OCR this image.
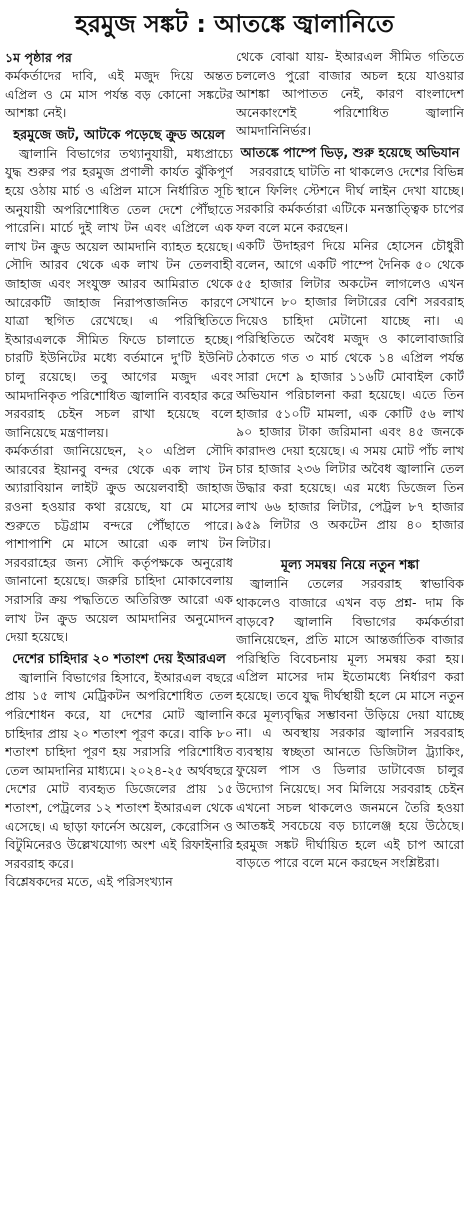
হরমুজ সঙ্কট : আতঙ্কে জ্বালানিতে
১ম পৃষ্ঠার পর

কর্মকর্তাদের দাবি, এই মজুদ দিয়ে অন্তত এপ্রিল ও মে মাস পর্যন্ত বড় কোনো সঙ্কটের আশঙ্কা নেই।

হরমুজে জট, আটকে পড়েছে ক্রুড অয়েল

জ্বালানি বিভাগের তথ্যানুযায়ী, মধ্যপ্রাচ্যে যুদ্ধ শুরুর পর হরমুজ প্রণালী কার্যত ঝুঁকিপূর্ণ হয়ে ওঠায় মার্চ ও এপ্রিল মাসে নির্ধারিত সূচি অনুযায়ী অপরিশোধিত তেল দেশে পৌঁছাতে পারেনি। মার্চে দুই লাখ টন এবং এপ্রিলে এক লাখ টন ক্রুড অয়েল আমদানি ব্যাহত হয়েছে। সৌদি আরব থেকে এক লাখ টন তেলবাহী জাহাজ এবং সংযুক্ত আরব আমিরাত থেকে আরেকটি জাহাজ নিরাপত্তাজনিত কারণে যাত্রা স্থগিত রেখেছে। এ পরিস্থিতিতে ইআরএলকে সীমিত ফিডে চালাতে হচ্ছে। চারটি ইউনিটের মধ্যে বর্তমানে দু'টি ইউনিট চালু রয়েছে। তবু আগের মজুদ এবং আমদানিকৃত পরিশোধিত জ্বালানি ব্যবহার করে সরবরাহ চেইন সচল রাখা হয়েছে বলে জানিয়েছে মন্ত্রণালয়।

কর্মকর্তারা জানিয়েছেন, ২০ এপ্রিল সৌদি আরবের ইয়ানবু বন্দর থেকে এক লাখ টন অ্যারাবিয়ান লাইট ক্রুড অয়েলবাহী জাহাজ রওনা হওয়ার কথা রয়েছে, যা মে মাসের শুরুতে চট্টগ্রাম বন্দরে পৌঁছাতে পারে। পাশাপাশি মে মাসে আরো এক লাখ টন সরবরাহের জন্য সৌদি কর্তৃপক্ষকে অনুরোধ জানানো হয়েছে। জরুরি চাহিদা মোকাবেলায় সরাসরি ক্রয় পদ্ধতিতে অতিরিক্ত আরো এক লাখ টন ক্রুড অয়েল আমদানির অনুমোদন দেয়া হয়েছে।

দেশের চাহিদার ২০ শতাংশ দেয় ইআরএল

জ্বালানি বিভাগের হিসাবে, ইআরএল বছরে প্রায় ১৫ লাখ মেট্রিকটন অপরিশোধিত তেল পরিশোধন করে, যা দেশের মোট জ্বালানি চাহিদার প্রায় ২০ শতাংশ পূরণ করে। বাকি ৮০ শতাংশ চাহিদা পূরণ হয় সরাসরি পরিশোধিত তেল আমদানির মাধ্যমে। ২০২৪-২৫ অর্থবছরে দেশের মোট ব্যবহৃত ডিজেলের প্রায় ১৫ শতাংশ, পেট্রলের ১২ শতাংশ ইআরএল থেকে এসেছে। এ ছাড়া ফার্নেস অয়েল, কেরোসিন ও বিটুমিনেরও উল্লেখযোগ্য অংশ এই রিফাইনারি সরবরাহ করে।

বিশ্লেষকদের মতে, এই পরিসংখ্যান

থেকে বোঝা যায়- ইআরএল সীমিত গতিতে চললেও পুরো বাজার অচল হয়ে যাওয়ার আশঙ্কা আপাতত নেই, কারণ বাংলাদেশ অনেকাংশেই পরিশোধিত জ্বালানি আমদানিনির্ভর।

আতঙ্কে পাম্পে ভিড়, শুরু হয়েছে অভিযান

সরবরাহে ঘাটতি না থাকলেও দেশের বিভিন্ন স্থানে ফিলিং স্টেশনে দীর্ঘ লাইন দেখা যাচ্ছে। সরকারি কর্মকর্তারা এটিকে মনস্তাত্ত্বিক চাপের ফল বলে মনে করছেন।

একটি উদাহরণ দিয়ে মনির হোসেন চৌধুরী বলেন, আগে একটি পাম্পে দৈনিক ৫০ থেকে ৫৫ হাজার লিটার অকটেন লাগলেও এখন সেখানে ৮০ হাজার লিটারের বেশি সরবরাহ দিয়েও চাহিদা মেটানো যাচ্ছে না। এ পরিস্থিতিতে অবৈধ মজুদ ও কালোবাজারি ঠেকাতে গত ৩ মার্চ থেকে ১৪ এপ্রিল পর্যন্ত সারা দেশে ৯ হাজার ১১৬টি মোবাইল কোর্ট অভিযান পরিচালনা করা হয়েছে। এতে তিন হাজার ৫১০টি মামলা, এক কোটি ৫৬ লাখ ৯০ হাজার টাকা জরিমানা এবং ৪৫ জনকে কারাদণ্ড দেয়া হয়েছে। এ সময় মোট পাঁচ লাখ চার হাজার ২৩৬ লিটার অবৈধ জ্বালানি তেল উদ্ধার করা হয়েছে। এর মধ্যে ডিজেল তিন লাখ ৬৬ হাজার লিটার, পেট্রল ৮৭ হাজার ৯৫৯ লিটার ও অকটেন প্রায় ৪০ হাজার লিটার।

মূল্য সমন্বয় নিয়ে নতুন শঙ্কা

জ্বালানি তেলের সরবরাহ স্বাভাবিক থাকলেও বাজারে এখন বড় প্রশ্ন- দাম কি বাড়বে? জ্বালানি বিভাগের কর্মকর্তারা জানিয়েছেন, প্রতি মাসে আন্তর্জাতিক বাজার পরিস্থিতি বিবেচনায় মূল্য সমন্বয় করা হয়। এপ্রিল মাসের দাম ইতোমধ্যে নির্ধারণ করা হয়েছে। তবে যুদ্ধ দীর্ঘস্থায়ী হলে মে মাসে নতুন করে মূল্যবৃদ্ধির সম্ভাবনা উড়িয়ে দেয়া যাচ্ছে না। এ অবস্থায় সরকার জ্বালানি সরবরাহ ব্যবস্থায় স্বচ্ছতা আনতে ডিজিটাল ট্র্যাকিং, ফুয়েল পাস ও ডিলার ডাটাবেজ চালুর উদ্যোগ নিয়েছে। সব মিলিয়ে সরবরাহ চেইন এখনো সচল থাকলেও জনমনে তৈরি হওয়া আতঙ্কই সবচেয়ে বড় চ্যালেঞ্জ হয়ে উঠেছে। হরমুজ সঙ্কট দীর্ঘায়িত হলে এই চাপ আরো বাড়তে পারে বলে মনে করছেন সংশ্লিষ্টরা।
